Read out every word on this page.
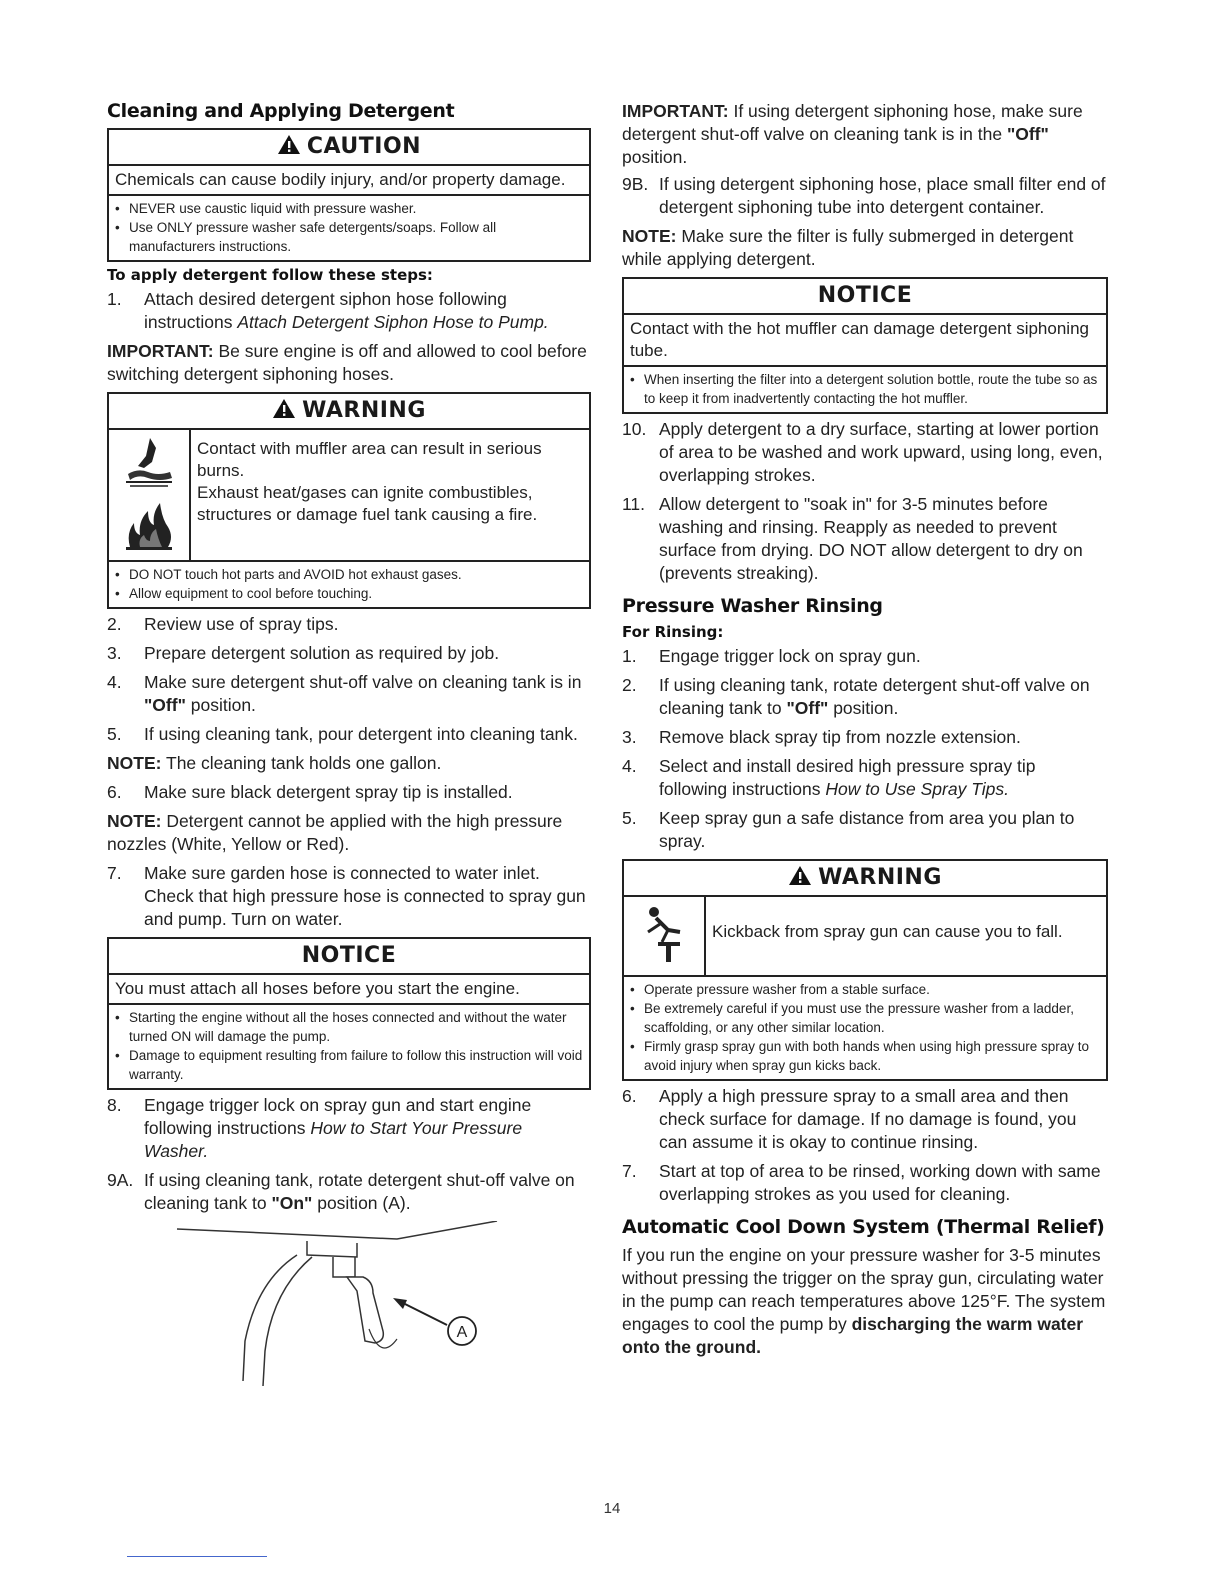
Cleaning and Applying Detergent
CAUTION
Chemicals can cause bodily injury, and/or property damage.
• NEVER use caustic liquid with pressure washer.
• Use ONLY pressure washer safe detergents/soaps. Follow all manufacturers instructions.
To apply detergent follow these steps:
1.	Attach desired detergent siphon hose following instructions Attach Detergent Siphon Hose to Pump.

IMPORTANT: Be sure engine is off and allowed to cool before switching detergent siphoning hoses.

WARNING
Contact with muffler area can result in serious burns.
Exhaust heat/gases can ignite combustibles, structures or damage fuel tank causing a fire.
• DO NOT touch hot parts and AVOID hot exhaust gases.
• Allow equipment to cool before touching.
2.	Review use of spray tips.
3.	Prepare detergent solution as required by job.
4.	Make sure detergent shut-off valve on cleaning tank is in "Off" position.
5.	If using cleaning tank, pour detergent into cleaning tank.

NOTE: The cleaning tank holds one gallon.

6.	Make sure black detergent spray tip is installed.

NOTE: Detergent cannot be applied with the high pressure nozzles (White, Yellow or Red).

7.	Make sure garden hose is connected to water inlet. Check that high pressure hose is connected to spray gun and pump. Turn on water.
NOTICE
You must attach all hoses before you start the engine.
• Starting the engine without all the hoses connected and without the water turned ON will damage the pump.
• Damage to equipment resulting from failure to follow this instruction will void warranty.
8.	Engage trigger lock on spray gun and start engine following instructions How to Start Your Pressure Washer.
9A. If using cleaning tank, rotate detergent shut-off valve on cleaning tank to "On" position (A).
A

IMPORTANT: If using detergent siphoning hose, make sure detergent shut-off valve on cleaning tank is in the "Off" position.

9B. If using detergent siphoning hose, place small filter end of detergent siphoning tube into detergent container.

NOTE: Make sure the filter is fully submerged in detergent while applying detergent.

NOTICE
Contact with the hot muffler can damage detergent siphoning tube.
• When inserting the filter into a detergent solution bottle, route the tube so as to keep it from inadvertently contacting the hot muffler.
10. Apply detergent to a dry surface, starting at lower portion of area to be washed and work upward, using long, even, overlapping strokes.
11. Allow detergent to "soak in" for 3-5 minutes before washing and rinsing. Reapply as needed to prevent surface from drying. DO NOT allow detergent to dry on (prevents streaking).
Pressure Washer Rinsing
For Rinsing:
1.	Engage trigger lock on spray gun.
2.	If using cleaning tank, rotate detergent shut-off valve on cleaning tank to "Off" position.
3.	Remove black spray tip from nozzle extension.
4.	Select and install desired high pressure spray tip following instructions How to Use Spray Tips.
5.	Keep spray gun a safe distance from area you plan to spray.
WARNING
Kickback from spray gun can cause you to fall.
• Operate pressure washer from a stable surface.
• Be extremely careful if you must use the pressure washer from a ladder, scaffolding, or any other similar location.
• Firmly grasp spray gun with both hands when using high pressure spray to avoid injury when spray gun kicks back.
6.	Apply a high pressure spray to a small area and then check surface for damage. If no damage is found, you can assume it is okay to continue rinsing.
7.	Start at top of area to be rinsed, working down with same overlapping strokes as you used for cleaning.
Automatic Cool Down System (Thermal Relief)

If you run the engine on your pressure washer for 3-5 minutes without pressing the trigger on the spray gun, circulating water in the pump can reach temperatures above 125°F. The system engages to cool the pump by discharging the warm water onto the ground.

14
